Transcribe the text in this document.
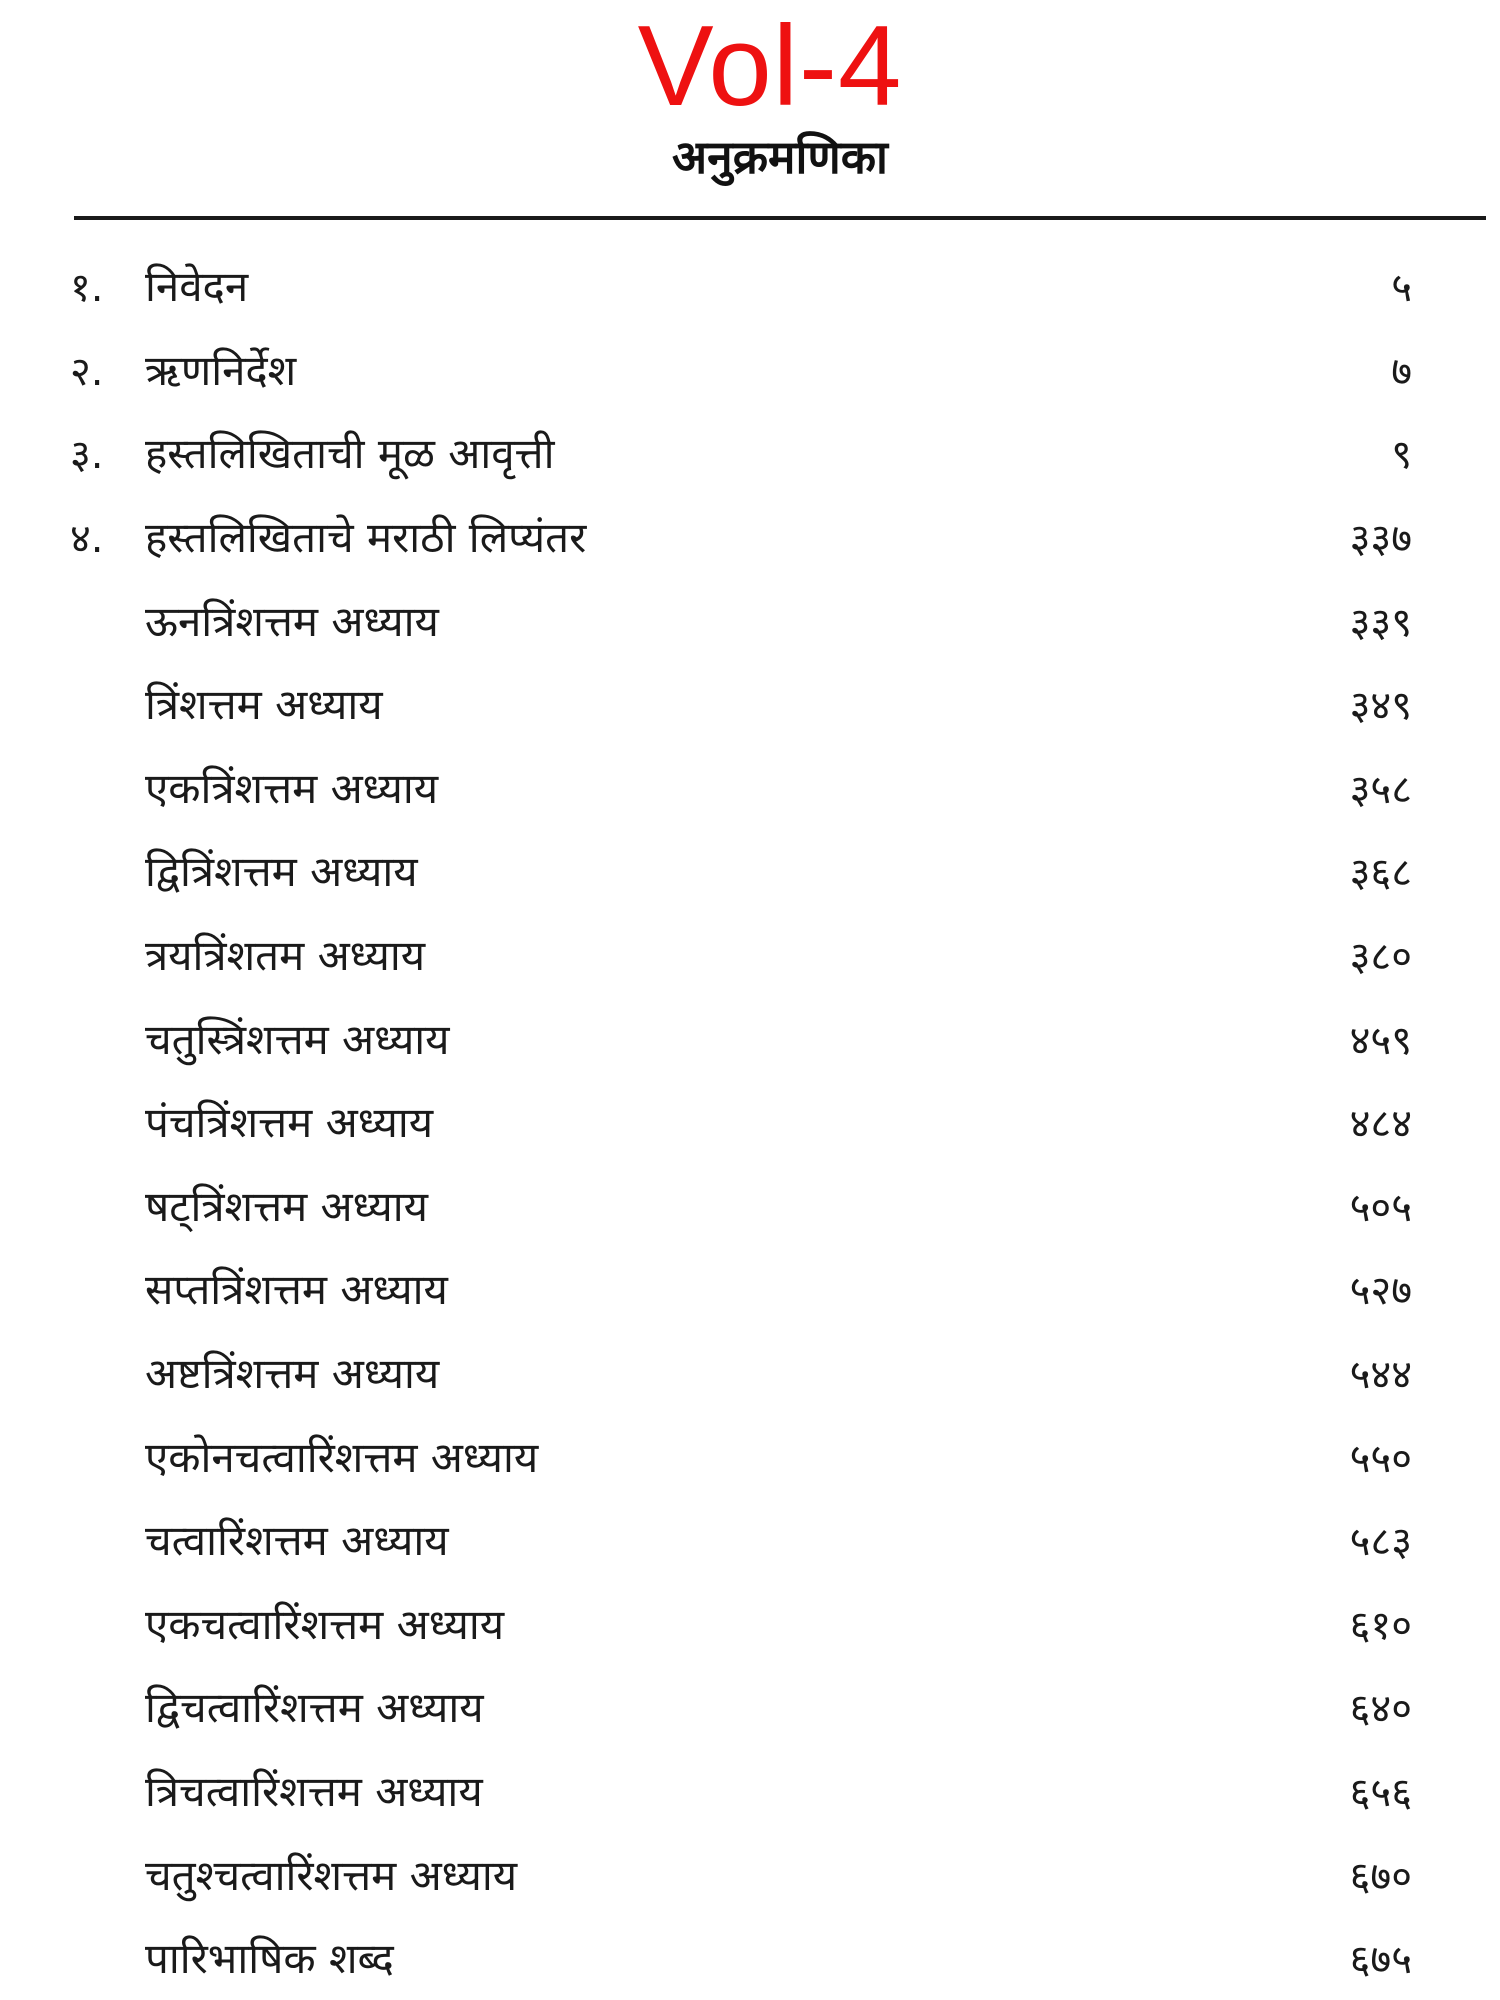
Vol-4
अनुक्रमणिका
१. निवेदन	५
२. ऋणनिर्देश	७
३. हस्तलिखिताची मूळ आवृत्ती	९
४. हस्तलिखिताचे मराठी लिप्यंतर	३३७
ऊनत्रिंशत्तम अध्याय	३३९
त्रिंशत्तम अध्याय	३४९
एकत्रिंशत्तम अध्याय	३५८
द्वित्रिंशत्तम अध्याय	३६८
त्रयत्रिंशतम अध्याय	३८०
चतुस्त्रिंशत्तम अध्याय	४५९
पंचत्रिंशत्तम अध्याय	४८४
षट्त्रिंशत्तम अध्याय	५०५
सप्तत्रिंशत्तम अध्याय	५२७
अष्टत्रिंशत्तम अध्याय	५४४
एकोनचत्वारिंशत्तम अध्याय	५५०
चत्वारिंशत्तम अध्याय	५८३
एकचत्वारिंशत्तम अध्याय	६१०
द्विचत्वारिंशत्तम अध्याय	६४०
त्रिचत्वारिंशत्तम अध्याय	६५६
चतुश्चत्वारिंशत्तम अध्याय	६७०
पारिभाषिक शब्द	६७५
